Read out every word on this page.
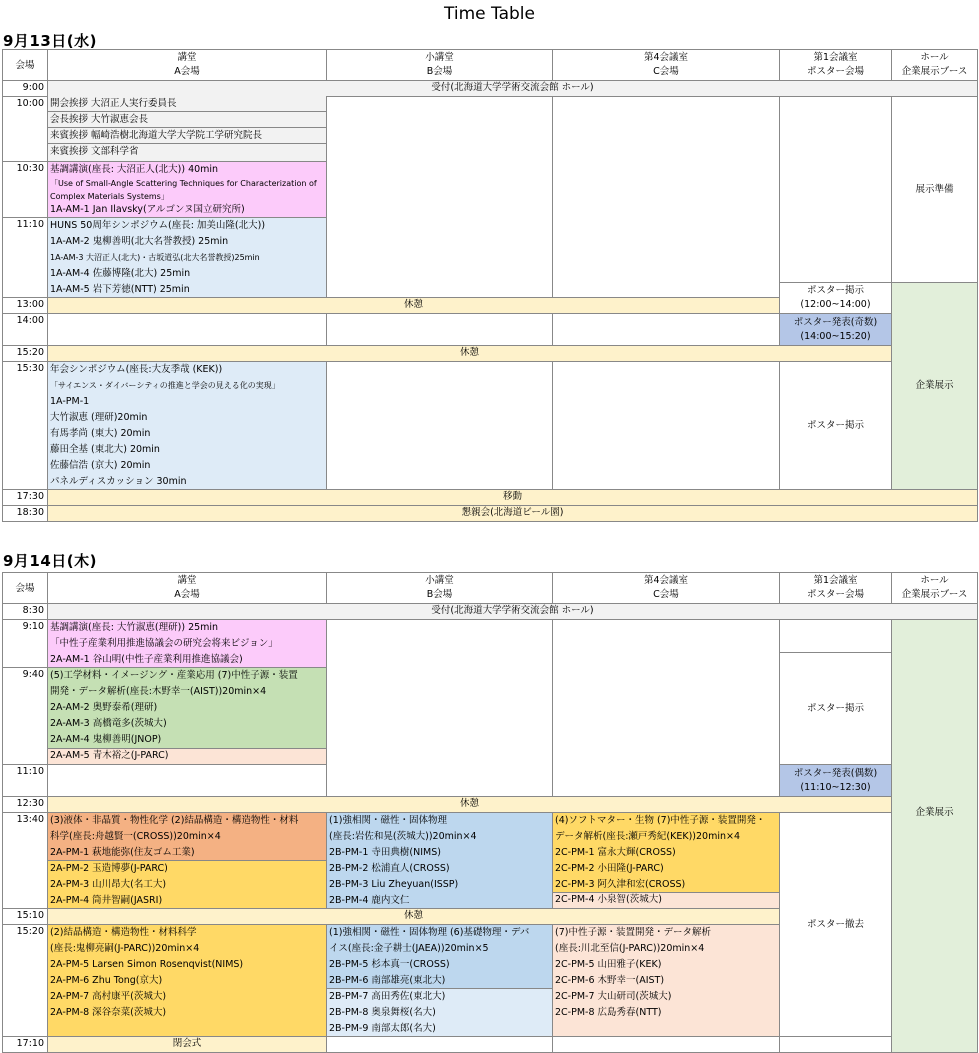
Time Table
9月13日(水)
会場
講堂
A会場
小講堂
B会場
第4会議室
C会場
第1会議室
ポスター会場
ホール
企業展示ブース
9:00
10:00
10:30
11:10
13:00
14:00
15:20
15:30
17:30
18:30
受付(北海道大学学術交流会館 ホール)
開会挨拶 大沼正人実行委員長
会長挨拶 大竹淑恵会長
来賓挨拶 幅崎浩樹北海道大学大学院工学研究院長
来賓挨拶 文部科学省
展示準備
基調講演(座長: 大沼正人(北大)) 40min
「Use of Small-Angle Scattering Techniques for Characterization of
Complex Materials Systems」
1A-AM-1 Jan Ilavsky(アルゴンヌ国立研究所)
HUNS 50周年シンポジウム(座長: 加美山隆(北大))
1A-AM-2 鬼柳善明(北大名誉教授) 25min
1A-AM-3 大沼正人(北大)・古坂道弘(北大名誉教授)25min
1A-AM-4 佐藤博隆(北大) 25min
1A-AM-5 岩下芳徳(NTT) 25min	ポスター掲示
(12:00~14:00)
企業展示
休憩
ポスター発表(奇数)
(14:00~15:20)
休憩
年会シンポジウム(座長:大友季哉 (KEK))
「サイエンス・ダイバーシティの推進と学会の見える化の実現」
1A-PM-1
大竹淑恵 (理研)20min
有馬孝尚 (東大) 20min
藤田全基 (東北大) 20min
佐藤信浩 (京大) 20min
パネルディスカッション 30min
ポスター掲示
移動
懇親会(北海道ビール園)
9月14日(木)
会場
講堂
A会場
小講堂
B会場
第4会議室
C会場
第1会議室
ポスター会場
ホール
企業展示ブース
8:30
9:10
9:40
11:10
12:30
13:40
15:10
15:20
17:10
受付(北海道大学学術交流会館 ホール)
基調講演(座長: 大竹淑恵(理研)) 25min
「中性子産業利用推進協議会の研究会将来ビジョン」
2A-AM-1 谷山明(中性子産業利用推進協議会)
(5)工学材料・イメージング・産業応用 (7)中性子源・装置
開発・データ解析(座長:木野幸一(AIST))20min×4
2A-AM-2 奥野泰希(理研)
2A-AM-3 高橋竜多(茨城大)
2A-AM-4 鬼柳善明(JNOP)
2A-AM-5 青木裕之(J-PARC)
ポスター掲示
ポスター発表(偶数)
(11:10~12:30)
休憩
企業展示
(3)液体・非晶質・物性化学 (2)結晶構造・構造物性・材料
科学(座長:舟越賢一(CROSS))20min×4
2A-PM-1 萩地能弥(住友ゴム工業)
2A-PM-2 玉造博夢(J-PARC)
2A-PM-3 山川昂大(名工大)
2A-PM-4 筒井智嗣(JASRI)
(1)強相関・磁性・固体物理
(座長:岩佐和晃(茨城大))20min×4
2B-PM-1 寺田典樹(NIMS)
2B-PM-2 松浦直人(CROSS)
2B-PM-3 Liu Zheyuan(ISSP)
2B-PM-4 鹿内文仁
(4)ソフトマター・生物 (7)中性子源・装置開発・
データ解析(座長:瀬戸秀紀(KEK))20min×4
2C-PM-1 富永大輝(CROSS)
2C-PM-2 小田隆(J-PARC)
2C-PM-3 阿久津和宏(CROSS)
2C-PM-4 小泉智(茨城大)
ポスター撤去
休憩
(2)結晶構造・構造物性・材料科学
(座長:鬼柳亮嗣(J-PARC))20min×4
2A-PM-5 Larsen Simon Rosenqvist(NIMS)
2A-PM-6 Zhu Tong(京大)
2A-PM-7 高村康平(茨城大)
2A-PM-8 深谷奈菜(茨城大)
(1)強相関・磁性・固体物理 (6)基礎物理・デバ
イス(座長:金子耕士(JAEA))20min×5
2B-PM-5 杉本真一(CROSS)
2B-PM-6 南部雄亮(東北大)
2B-PM-7 高田秀佐(東北大)
2B-PM-8 奥泉舞桜(名大)
2B-PM-9 南部太郎(名大)
(7)中性子源・装置開発・データ解析
(座長:川北至信(J-PARC))20min×4
2C-PM-5 山田雅子(KEK)
2C-PM-6 木野幸一(AIST)
2C-PM-7 大山研司(茨城大)
2C-PM-8 広島秀春(NTT)
閉会式
